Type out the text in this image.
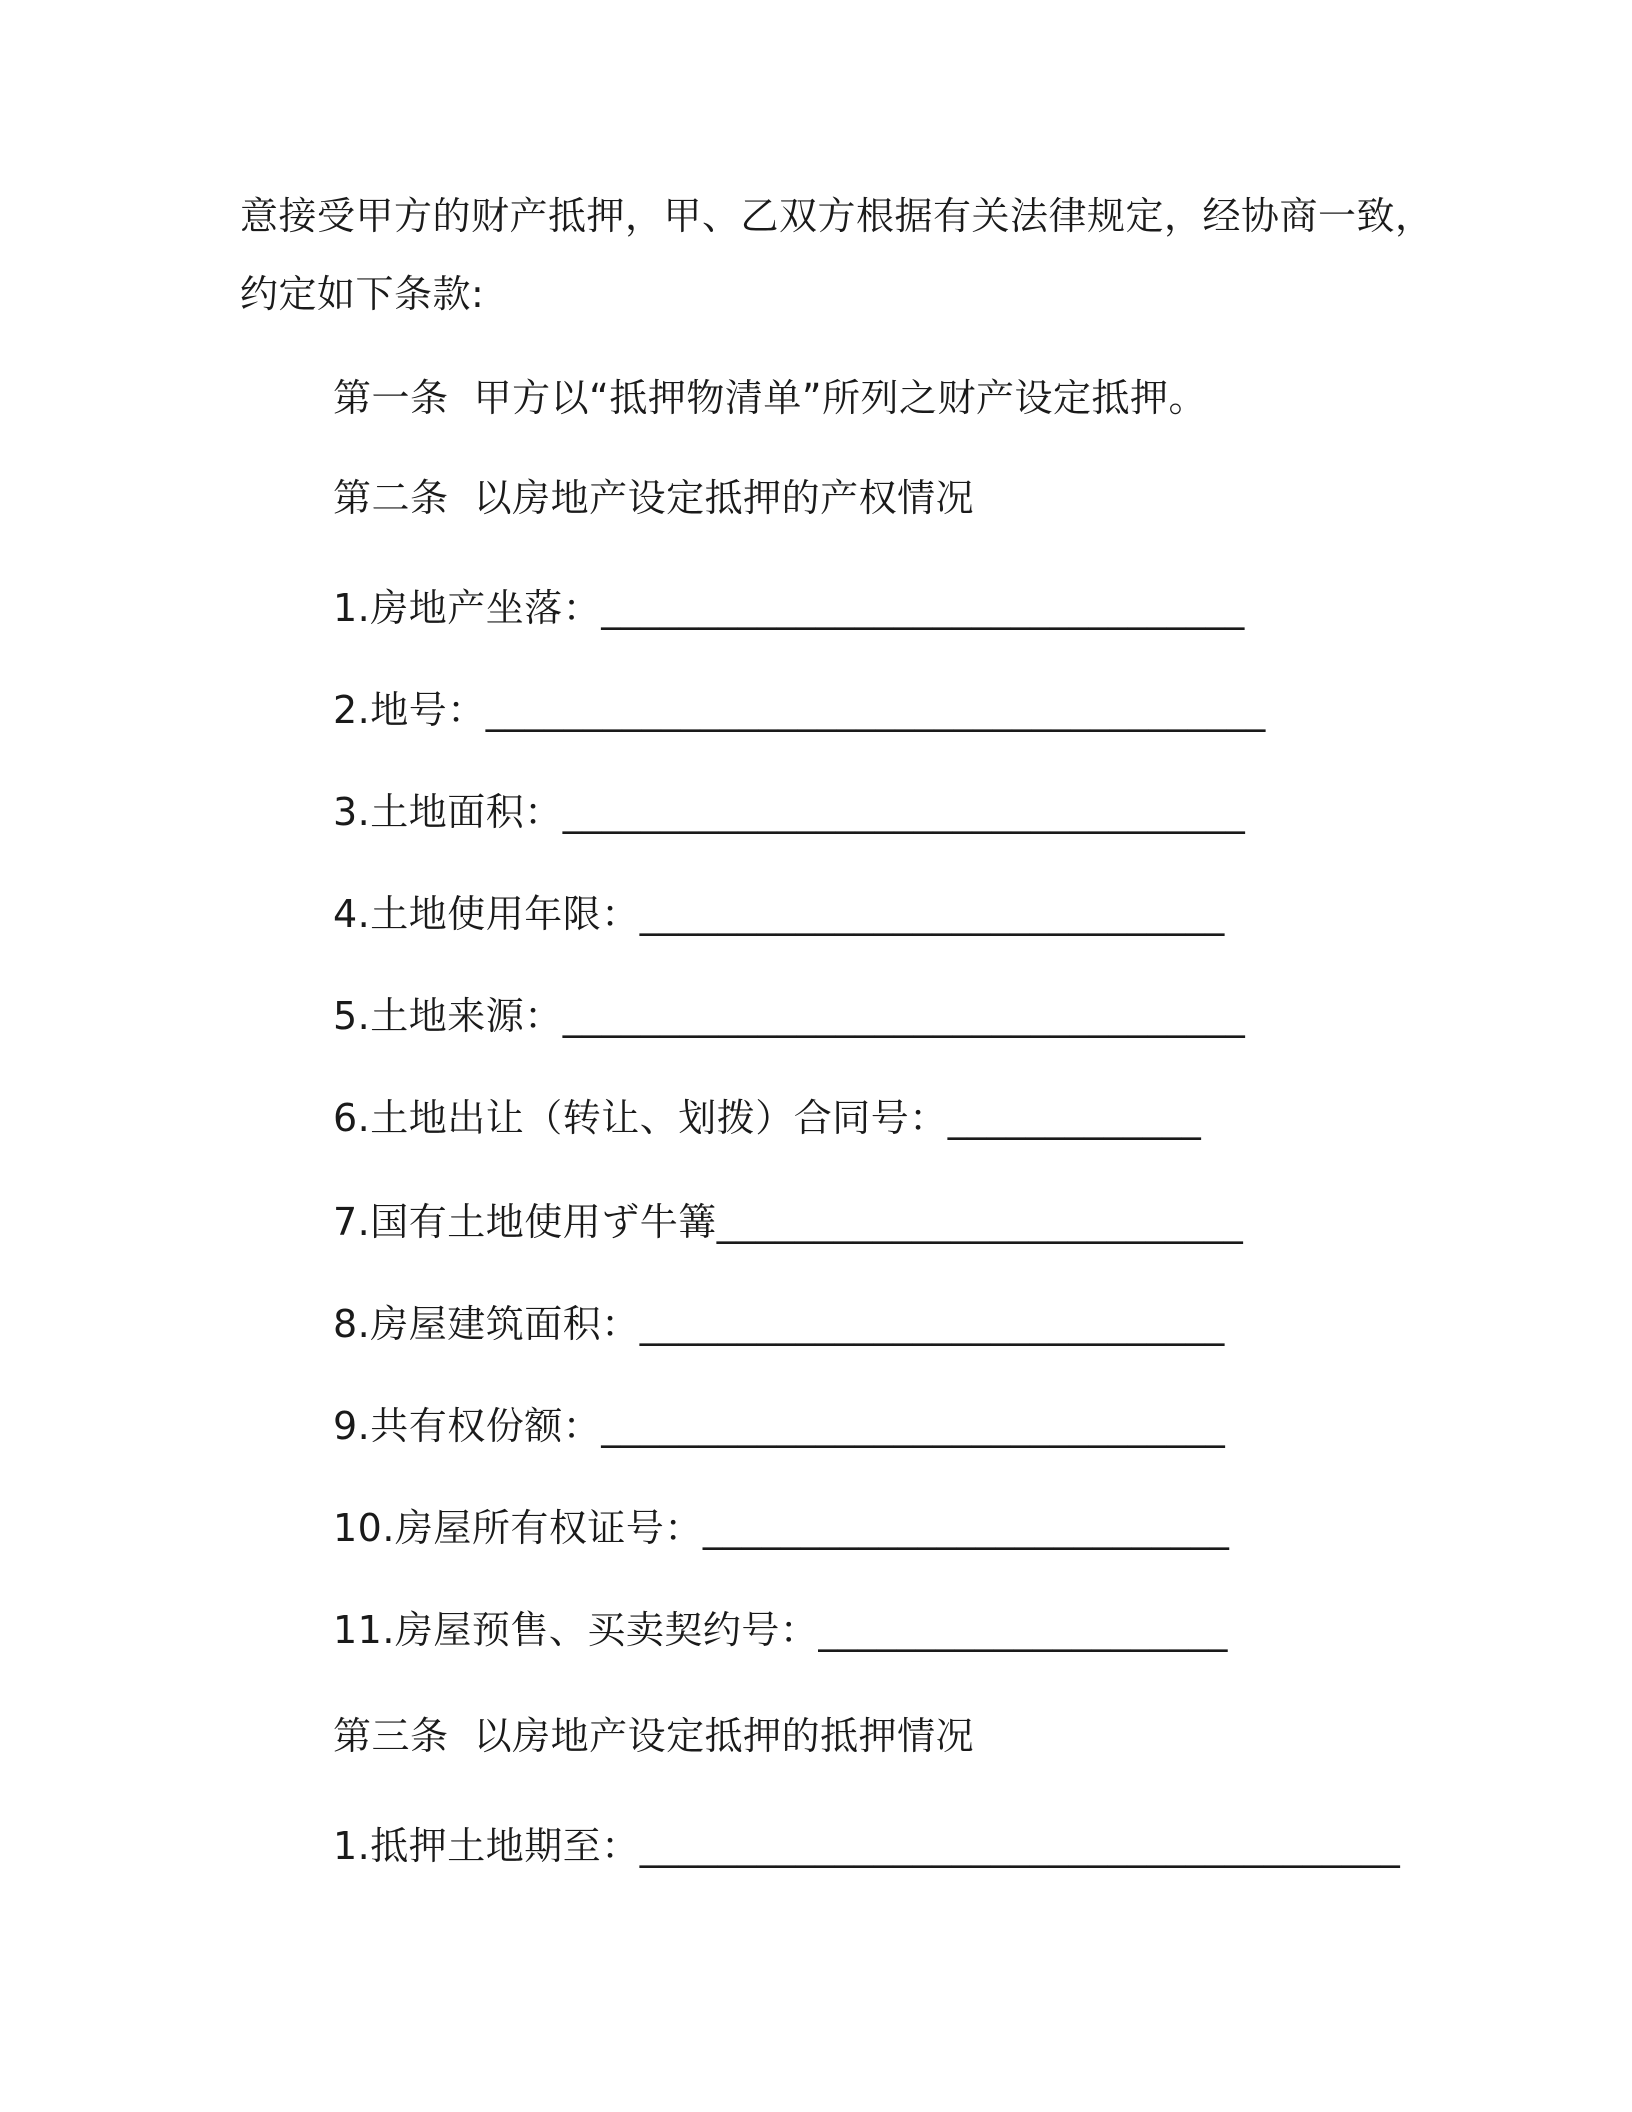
意接受甲方的财产抵押，甲、乙双方根据有关法律规定，经协商一致，
约定如下条款:
第一条  甲方以“抵押物清单”所列之财产设定抵押。
第二条  以房地产设定抵押的产权情况
1.房地产坐落：_________________________________
2.地号：________________________________________
3.土地面积：___________________________________
4.土地使用年限：______________________________
5.土地来源：___________________________________
6.土地出让（转让、划拨）合同号：_____________
7.国有土地使用ず牛篝___________________________
8.房屋建筑面积：______________________________
9.共有权份额：________________________________
10.房屋所有权证号：___________________________
11.房屋预售、买卖契约号：_____________________
第三条  以房地产设定抵押的抵押情况
1.抵押土地期至：_______________________________________
